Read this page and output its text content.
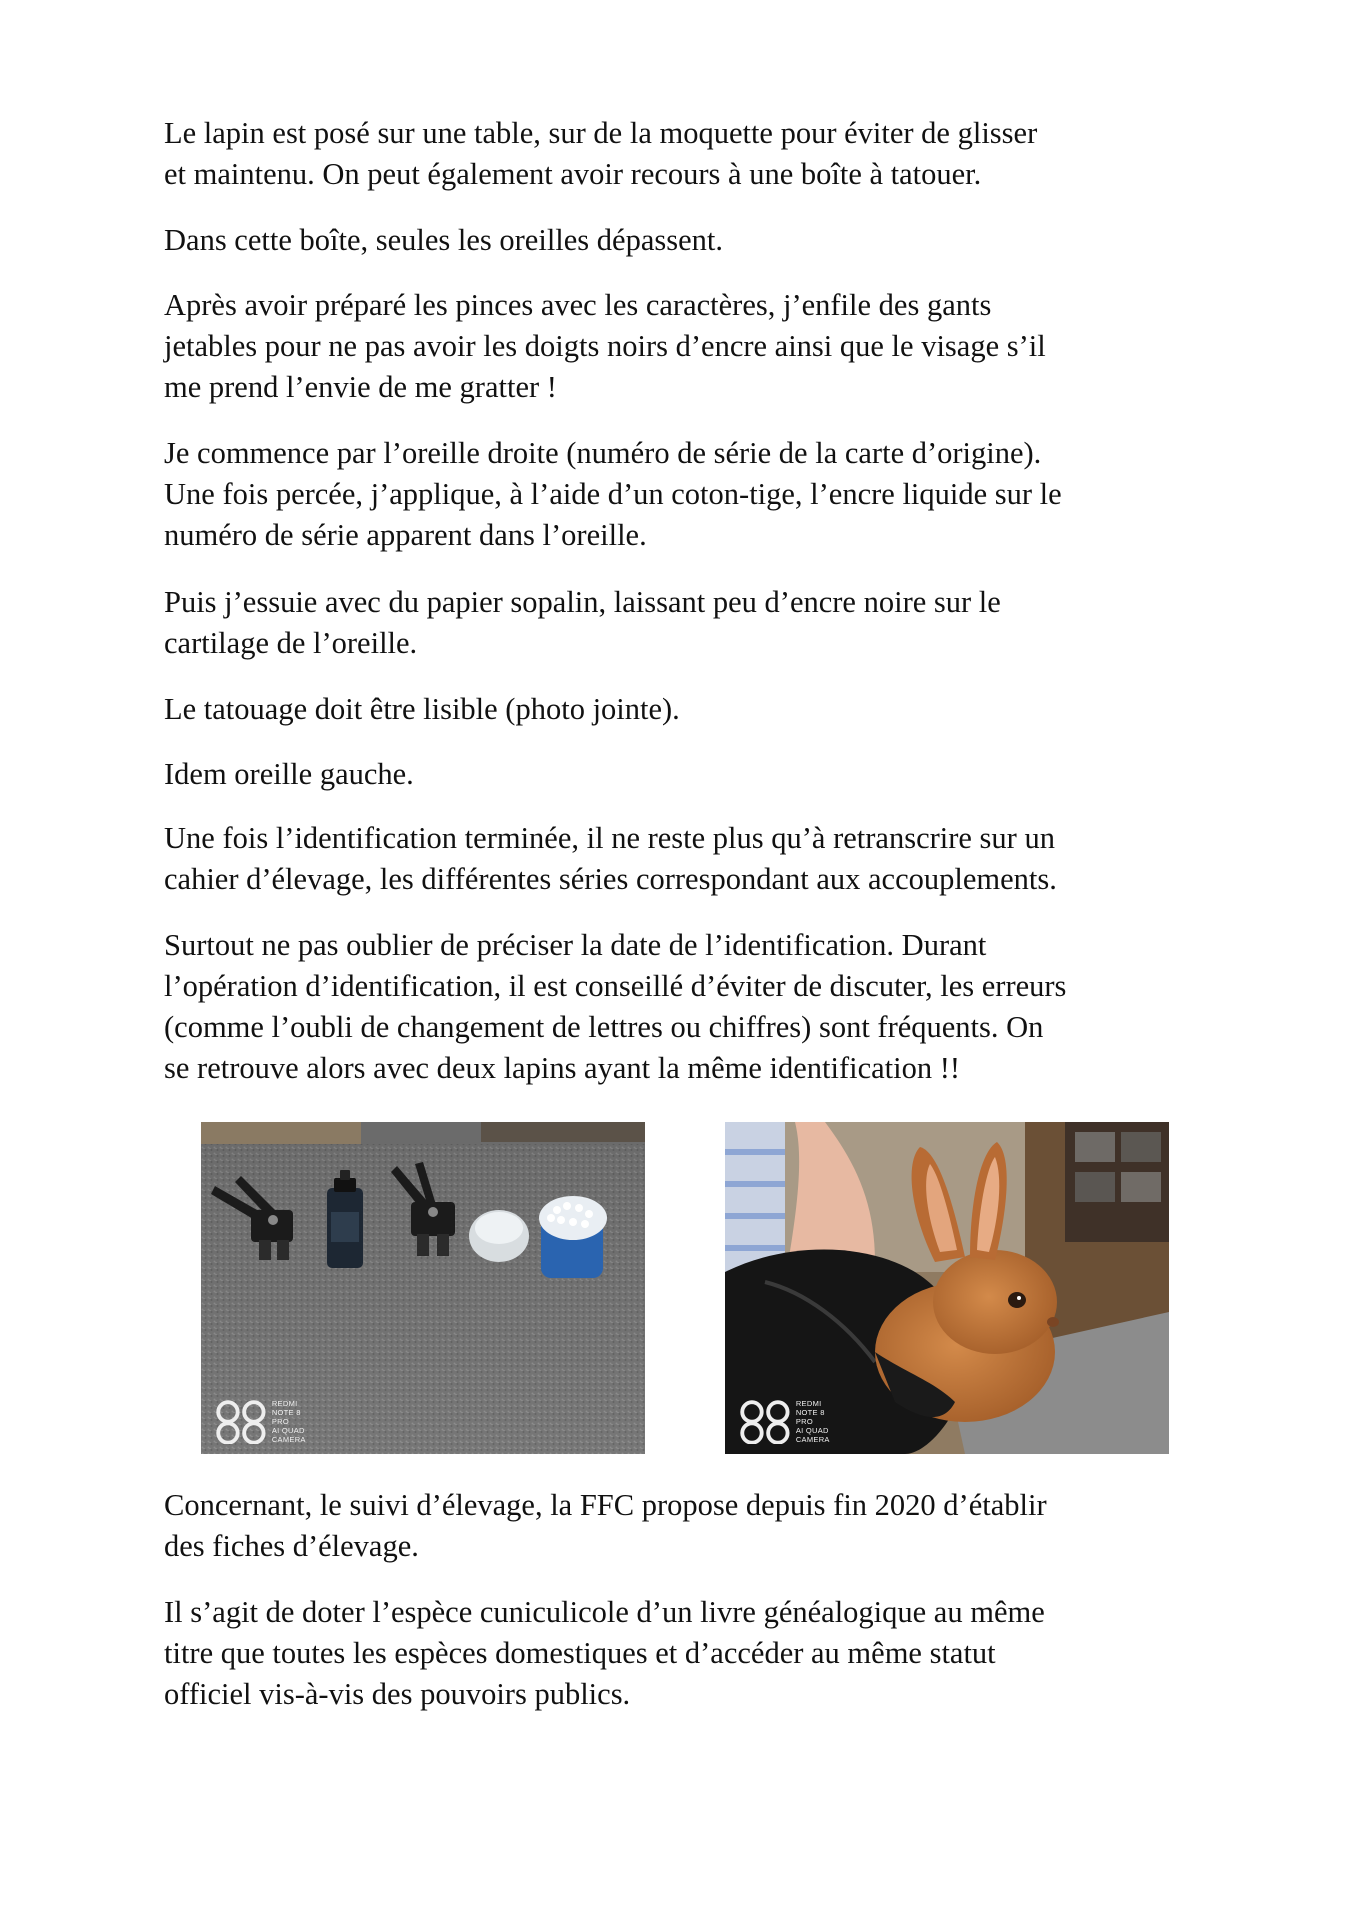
Le lapin est posé sur une table, sur de la moquette pour éviter de glisser
et maintenu. On peut également avoir recours à une boîte à tatouer.
Dans cette boîte, seules les oreilles dépassent.
Après avoir préparé les pinces avec les caractères, j’enfile des gants
jetables pour ne pas avoir les doigts noirs d’encre ainsi que le visage s’il
me prend l’envie de me gratter !
Je commence par l’oreille droite (numéro de série de la carte d’origine).
Une fois percée, j’applique, à l’aide d’un coton-tige, l’encre liquide sur le
numéro de série apparent dans l’oreille.
Puis j’essuie avec du papier sopalin, laissant peu d’encre noire sur le
cartilage de l’oreille.
Le tatouage doit être lisible (photo jointe).
Idem oreille gauche.
Une fois l’identification terminée, il ne reste plus qu’à retranscrire sur un
cahier d’élevage, les différentes séries correspondant aux accouplements.
Surtout ne pas oublier de préciser la date de l’identification. Durant
l’opération d’identification, il est conseillé d’éviter de discuter, les erreurs
(comme l’oubli de changement de lettres ou chiffres) sont fréquents. On
se retrouve alors avec deux lapins ayant la même identification !!
REDMI NOTE 8 PRO
AI QUAD CAMERA
REDMI NOTE 8 PRO
AI QUAD CAMERA
Concernant, le suivi d’élevage, la FFC propose depuis fin 2020 d’établir
des fiches d’élevage.
Il s’agit de doter l’espèce cuniculicole d’un livre généalogique au même
titre que toutes les espèces domestiques et d’accéder au même statut
officiel vis-à-vis des pouvoirs publics.
